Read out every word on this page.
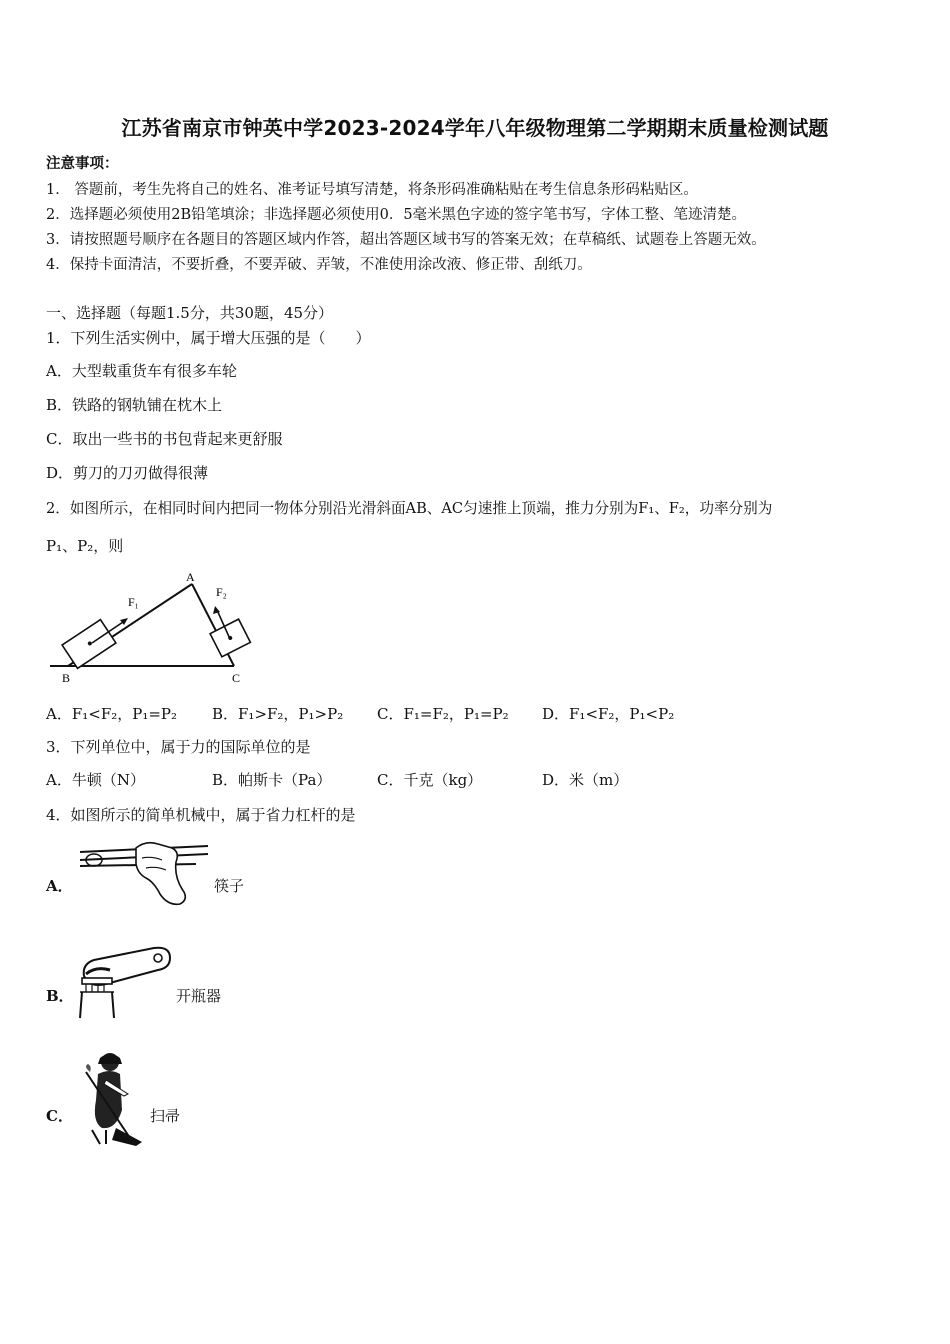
江苏省南京市钟英中学2023-2024学年八年级物理第二学期期末质量检测试题
注意事项：
1． 答题前，考生先将自己的姓名、准考证号填写清楚，将条形码准确粘贴在考生信息条形码粘贴区。
2．选择题必须使用2B铅笔填涂；非选择题必须使用0．5毫米黑色字迹的签字笔书写，字体工整、笔迹清楚。
3．请按照题号顺序在各题目的答题区域内作答，超出答题区域书写的答案无效；在草稿纸、试题卷上答题无效。
4．保持卡面清洁，不要折叠，不要弄破、弄皱，不准使用涂改液、修正带、刮纸刀。
一、选择题（每题1.5分，共30题，45分）
1．下列生活实例中，属于增大压强的是（　　）
A．大型载重货车有很多车轮
B．铁路的钢轨铺在枕木上
C．取出一些书的书包背起来更舒服
D．剪刀的刀刃做得很薄
2．如图所示，在相同时间内把同一物体分别沿光滑斜面AB、AC匀速推上顶端，推力分别为F₁、F₂，功率分别为
P₁、P₂，则
A
B	C
F₁
F₂
A．F₁<F₂，P₁=P₂ B．F₁>F₂，P₁>P₂ C．F₁=F₂，P₁=P₂ D．F₁<F₂，P₁<P₂
3．下列单位中，属于力的国际单位的是
A．牛顿（N）	B．帕斯卡（Pa）	C．千克（kg）	D．米（m）
4．如图所示的简单机械中，属于省力杠杆的是
A．	筷子
B．	开瓶器
C．	扫帚
